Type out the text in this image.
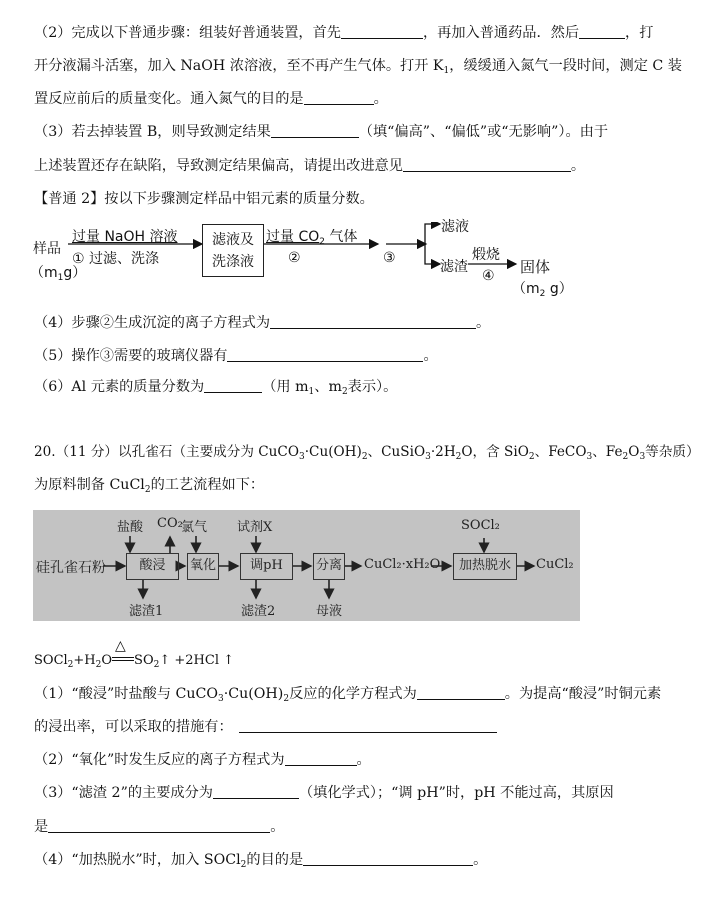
（2）完成以下普通步骤：组装好普通装置，首先	，再加入普通药品．然后	，打
开分液漏斗活塞，加入 NaOH 浓溶液，至不再产生气体。打开 $K_1$，缓缓通入氮气一段时间，测定 C 装
置反应前后的质量变化。通入氮气的目的是	。
（3）若去掉装置 B，则导致测定结果	（填“偏高”、“偏低”或“无影响”）。由于
上述装置还存在缺陷，导致测定结果偏高，请提出改进意见	。
【普通 2】按以下步骤测定样品中铝元素的质量分数。
样品
$(m_1g)$
过量 NaOH 溶液
① 过滤、洗涤
滤液及
洗涤液
过量 $CO_2$ 气体
②	③
滤液
滤渣
煅烧
④ 固体
（$m_2$ g）
（4）步骤②生成沉淀的离子方程式为	。
（5）操作③需要的玻璃仪器有	。
（6）Al 元素的质量分数为	（用 $m_1$、$m_2$表示）。
20.（11 分）以孔雀石（主要成分为 $CuCO_3\cdot Cu(OH)_2$、$CuSiO_3\cdot 2H_2O$，含 SiO$_2$、FeCO$_3$、$Fe_2O_3$等杂质）
为原料制备 CuCl$_2$的工艺流程如下：
硅孔雀石粉
盐酸 CO₂
氯气 试剂X	SOCl₂
酸浸	氧化	调pH	分离 CuCl₂·xH₂O	加热脱水	CuCl₂
滤渣1	滤渣2	母液
$SOCl_2+H_2O$
△
$SO_2↑ +2HCl$ ↑
（1）“酸浸”时盐酸与 $CuCO_3\cdot Cu(OH)_2$反应的化学方程式为	。为提高“酸浸”时铜元素
的浸出率，可以采取的措施有：
（2）“氧化”时发生反应的离子方程式为	。
（3）“滤渣 2”的主要成分为	（填化学式）；“调 pH”时，pH 不能过高，其原因
是	。
（4）“加热脱水”时，加入 SOCl$_2$的目的是	。
